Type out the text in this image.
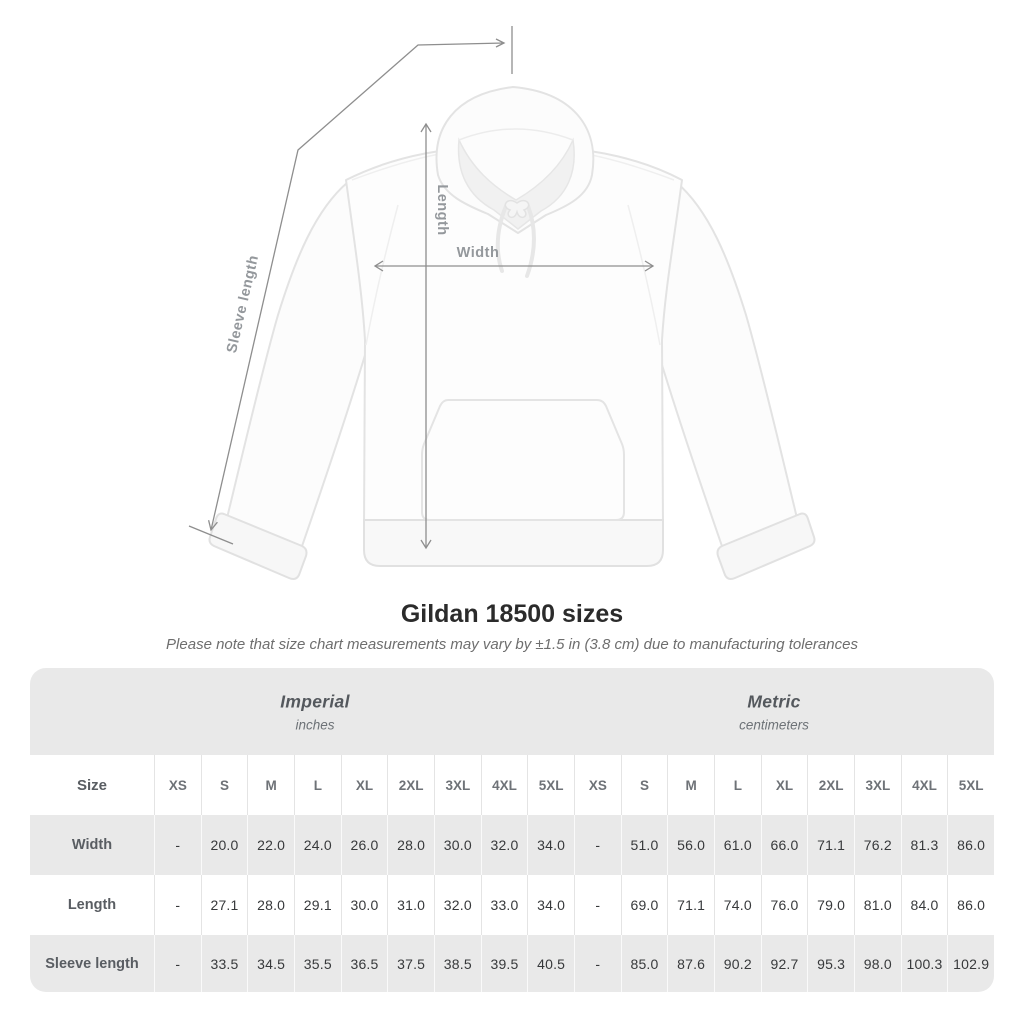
Sleeve length
Length
Width
Gildan 18500 sizes
Please note that size chart measurements may vary by ±1.5 in (3.8 cm) due to manufacturing tolerances
Imperial
inches
Metric
centimeters
Size	XS	S	M	L	XL	2XL	3XL	4XL	5XL	XS	S	M	L	XL	2XL	3XL	4XL	5XL
Width	-	20.0	22.0	24.0	26.0	28.0	30.0	32.0	34.0	-	51.0	56.0	61.0	66.0	71.1	76.2	81.3	86.0
Length	-	27.1	28.0	29.1	30.0	31.0	32.0	33.0	34.0	-	69.0	71.1	74.0	76.0	79.0	81.0	84.0	86.0
Sleeve length	-	33.5	34.5	35.5	36.5	37.5	38.5	39.5	40.5	-	85.0	87.6	90.2	92.7	95.3	98.0	100.3 102.9
